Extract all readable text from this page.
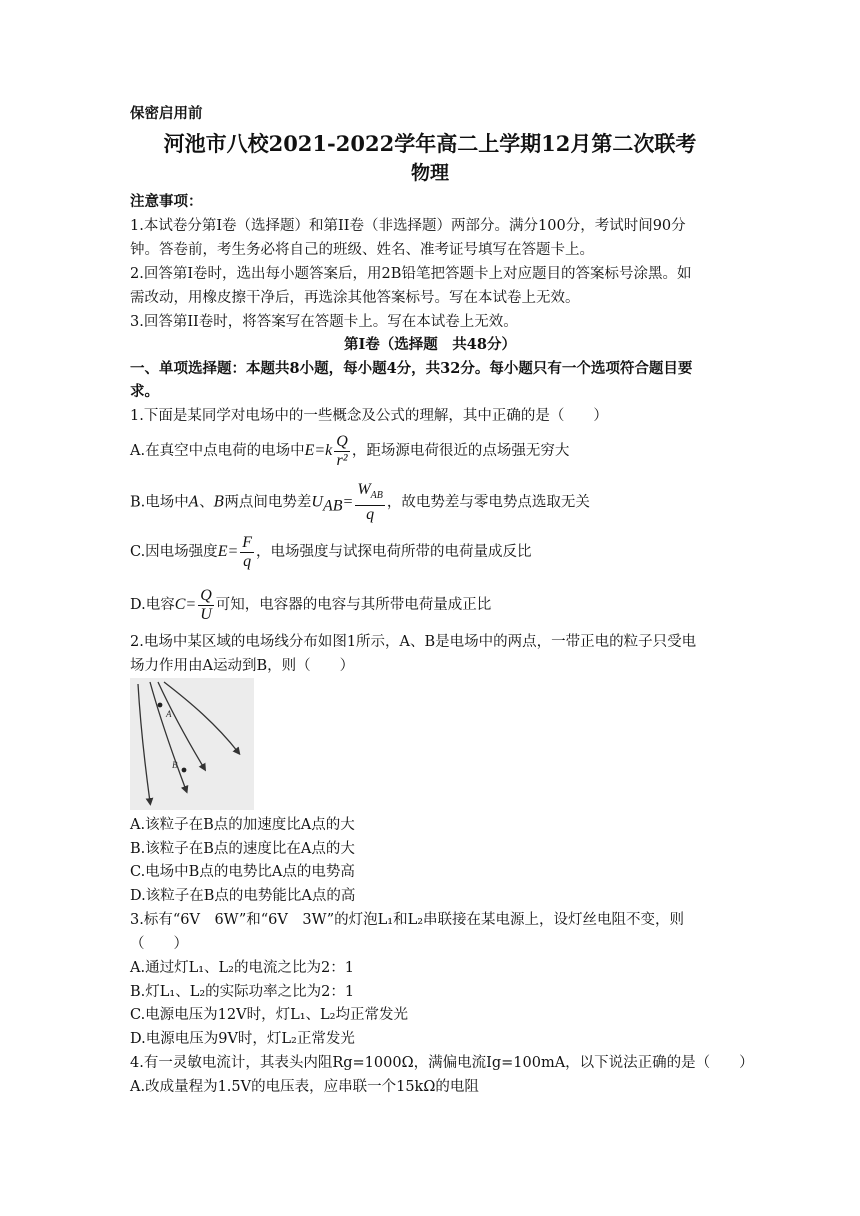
保密启用前
河池市八校2021-2022学年高二上学期12月第二次联考
物理
注意事项：
1.本试卷分第I卷（选择题）和第II卷（非选择题）两部分。满分100分，考试时间90分
钟。答卷前，考生务必将自己的班级、姓名、准考证号填写在答题卡上。
2.回答第I卷时，选出每小题答案后，用2B铅笔把答题卡上对应题目的答案标号涂黑。如
需改动，用橡皮擦干净后，再选涂其他答案标号。写在本试卷上无效。
3.回答第II卷时，将答案写在答题卡上。写在本试卷上无效。
第I卷（选择题　共48分）
一、单项选择题：本题共8小题，每小题4分，共32分。每小题只有一个选项符合题目要
求。
1.下面是某同学对电场中的一些概念及公式的理解，其中正确的是（　　）
A.在真空中点电荷的电场中$E=k \frac{Q}{\text{r²}}$ ，距场源电荷很近的点场强无穷大
B.电场中A、B两点间电势差$U_{AB}= \frac{W_{AB}}{q}$ ，故电势差与零电势点选取无关
C.因电场强度$E= \frac{F}{q}$ ，电场强度与试探电荷所带的电荷量成反比
D.电容$C= \frac{Q}{U}$ 可知，电容器的电容与其所带电荷量成正比
2.电场中某区域的电场线分布如图1所示，A、B是电场中的两点，一带正电的粒子只受电
场力作用由A运动到B，则（　　）
A
B
A.该粒子在B点的加速度比A点的大
B.该粒子在B点的速度比在A点的大
C.电场中B点的电势比A点的电势高
D.该粒子在B点的电势能比A点的高
3.标有“6V　6W”和“6V　3W”的灯泡L₁和L₂串联接在某电源上，设灯丝电阻不变，则
（　　）
A.通过灯L₁、L₂的电流之比为2：1
B.灯L₁、L₂的实际功率之比为2：1
C.电源电压为12V时，灯L₁、L₂均正常发光
D.电源电压为9V时，灯L₂正常发光
4.有一灵敏电流计，其表头内阻Rg=1000Ω，满偏电流Ig=100mA，以下说法正确的是（　　）
A.改成量程为1.5V的电压表，应串联一个15kΩ的电阻
